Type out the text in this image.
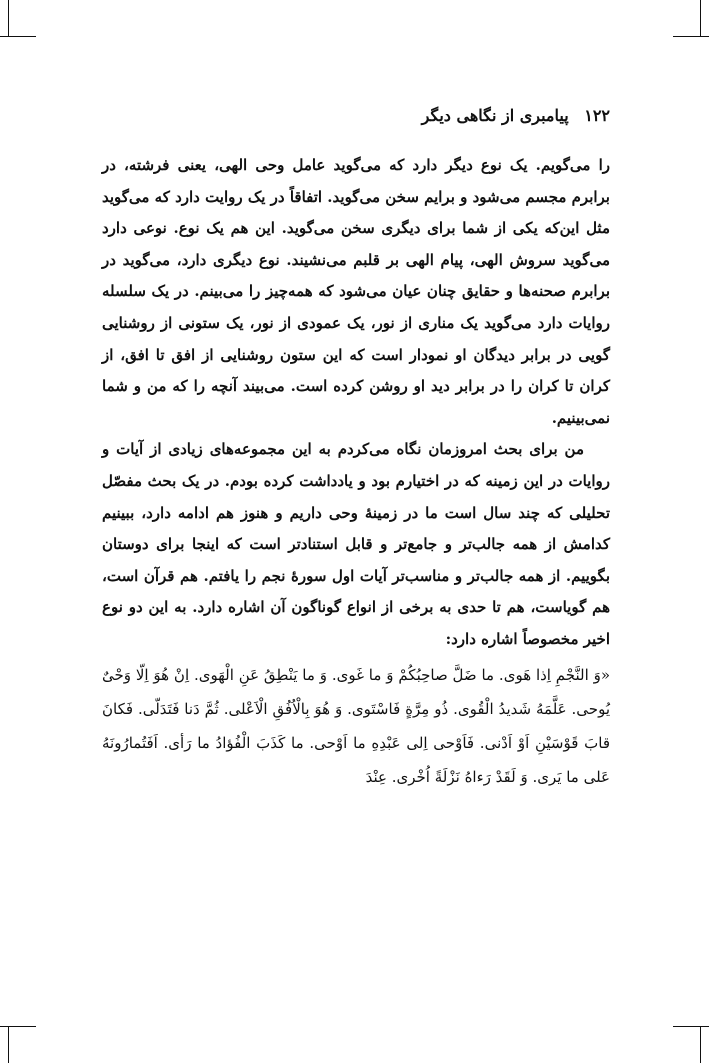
۱۲۲ پیامبری از نگاهی دیگر

را می‌گویم. یک نوع دیگر دارد که می‌گوید عامل وحی الهی، یعنی فرشته، در برابرم مجسم می‌شود و برایم سخن می‌گوید. اتفاقاً در یک روایت دارد که می‌گوید مثل این‌که یکی از شما برای دیگری سخن می‌گوید. این هم یک نوع. نوعی دارد می‌گوید سروش الهی، پیام الهی بر قلبم می‌نشیند. نوع دیگری دارد، می‌گوید در برابرم صحنه‌ها و حقایق چنان عیان می‌شود که همه‌چیز را می‌بینم. در یک سلسله روایات دارد می‌گوید یک مناری از نور، یک عمودی از نور، یک ستونی از روشنایی گویی در برابر دیدگان او نمودار است که این ستون روشنایی از افق تا افق، از کران تا کران را در برابر دید او روشن کرده است. می‌بیند آنچه را که من و شما نمی‌بینیم.

من برای بحث امروزمان نگاه می‌کردم به این مجموعه‌های زیادی از آیات و روایات در این زمینه که در اختیارم بود و یادداشت کرده بودم. در یک بحث مفصّل تحلیلی که چند سال است ما در زمینهٔ وحی داریم و هنوز هم ادامه دارد، ببینیم کدامش از همه جالب‌تر و جامع‌تر و قابل استنادتر است که اینجا برای دوستان بگوییم. از همه جالب‌تر و مناسب‌تر آیات اول سورهٔ نجم را یافتم. هم قرآن است، هم گویاست، هم تا حدی به برخی از انواع گوناگون آن اشاره دارد. به این دو نوع اخیر مخصوصاً اشاره دارد:

«وَ النَّجْمِ اِذا هَوی. ما ضَلَّ صاحِبُکُمْ وَ ما غَوی. وَ ما یَنْطِقُ عَنِ الْهَوی. اِنْ هُوَ اِلّا وَحْیٌ یُوحی. عَلَّمَهُ شَدیدُ الْقُوی. ذُو مِرَّةٍ فَاسْتَوی. وَ هُوَ بِالْاُفُقِ الْاَعْلی. ثُمَّ دَنا فَتَدَلّی. فَکانَ قابَ قَوْسَیْنِ اَوْ اَدْنی. فَاَوْحی اِلی عَبْدِهِ ما اَوْحی. ما کَذَبَ الْفُؤادُ ما رَأی. اَفَتُمارُونَهُ عَلی ما یَری. وَ لَقَدْ رَءاهُ نَزْلَةً اُخْری. عِنْدَ
